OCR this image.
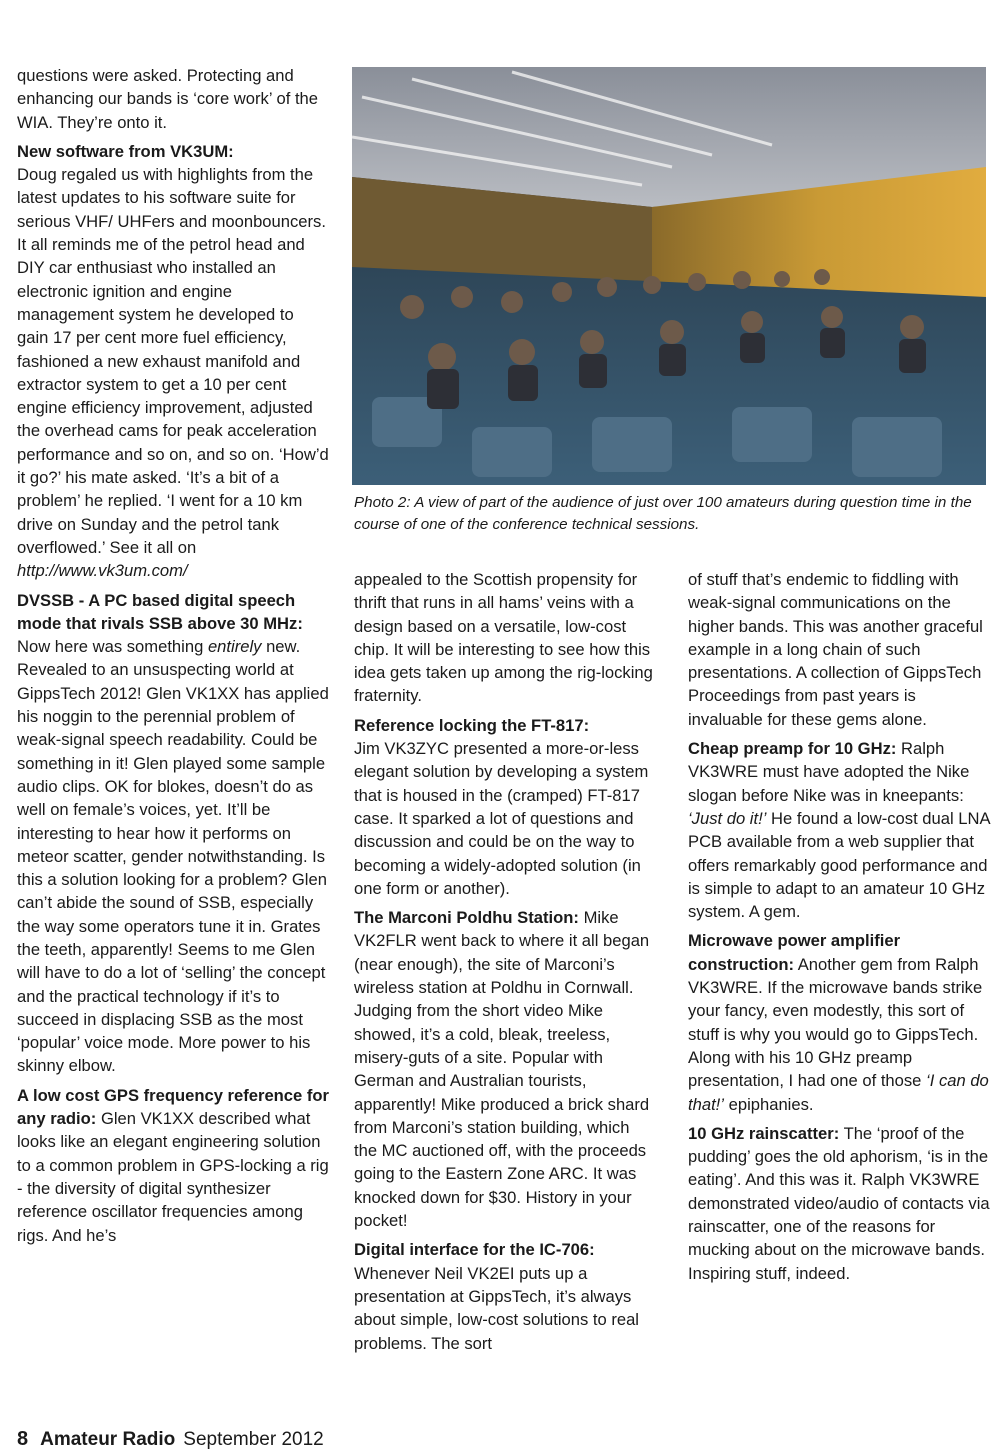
questions were asked. Protecting and enhancing our bands is ‘core work’ of the WIA. They’re onto it.

New software from VK3UM:
Doug regaled us with highlights from the latest updates to his software suite for serious VHF/ UHFers and moonbouncers. It all reminds me of the petrol head and DIY car enthusiast who installed an electronic ignition and engine management system he developed to gain 17 per cent more fuel efficiency, fashioned a new exhaust manifold and extractor system to get a 10 per cent engine efficiency improvement, adjusted the overhead cams for peak acceleration performance and so on, and so on. ‘How’d it go?’ his mate asked. ‘It’s a bit of a problem’ he replied. ‘I went for a 10 km drive on Sunday and the petrol tank overflowed.’ See it all on http://www.vk3um.com/

DVSSB - A PC based digital speech mode that rivals SSB above 30 MHz: Now here was something entirely new. Revealed to an unsuspecting world at GippsTech 2012! Glen VK1XX has applied his noggin to the perennial problem of weak-signal speech readability. Could be something in it! Glen played some sample audio clips. OK for blokes, doesn’t do as well on female’s voices, yet. It’ll be interesting to hear how it performs on meteor scatter, gender notwithstanding. Is this a solution looking for a problem? Glen can’t abide the sound of SSB, especially the way some operators tune it in. Grates the teeth, apparently! Seems to me Glen will have to do a lot of ‘selling’ the concept and the practical technology if it’s to succeed in displacing SSB as the most ‘popular’ voice mode. More power to his skinny elbow.

A low cost GPS frequency reference for any radio: Glen VK1XX described what looks like an elegant engineering solution to a common problem in GPS-locking a rig - the diversity of digital synthesizer reference oscillator frequencies among rigs. And he’s

Photo 2: A view of part of the audience of just over 100 amateurs during question time in the course of one of the conference technical sessions.

appealed to the Scottish propensity for thrift that runs in all hams’ veins with a design based on a versatile, low-cost chip. It will be interesting to see how this idea gets taken up among the rig-locking fraternity.

Reference locking the FT-817:
Jim VK3ZYC presented a more-or-less elegant solution by developing a system that is housed in the (cramped) FT-817 case. It sparked a lot of questions and discussion and could be on the way to becoming a widely-adopted solution (in one form or another).

The Marconi Poldhu Station: Mike VK2FLR went back to where it all began (near enough), the site of Marconi’s wireless station at Poldhu in Cornwall. Judging from the short video Mike showed, it’s a cold, bleak, treeless, misery-guts of a site. Popular with German and Australian tourists, apparently! Mike produced a brick shard from Marconi’s station building, which the MC auctioned off, with the proceeds going to the Eastern Zone ARC. It was knocked down for $30. History in your pocket!

Digital interface for the IC-706:
Whenever Neil VK2EI puts up a presentation at GippsTech, it’s always about simple, low-cost solutions to real problems. The sort

of stuff that’s endemic to fiddling with weak-signal communications on the higher bands. This was another graceful example in a long chain of such presentations. A collection of GippsTech Proceedings from past years is invaluable for these gems alone.

Cheap preamp for 10 GHz: Ralph VK3WRE must have adopted the Nike slogan before Nike was in kneepants: ‘Just do it!’ He found a low-cost dual LNA PCB available from a web supplier that offers remarkably good performance and is simple to adapt to an amateur 10 GHz system. A gem.

Microwave power amplifier construction: Another gem from Ralph VK3WRE. If the microwave bands strike your fancy, even modestly, this sort of stuff is why you would go to GippsTech. Along with his 10 GHz preamp presentation, I had one of those ‘I can do that!’ epiphanies.

10 GHz rainscatter: The ‘proof of the pudding’ goes the old aphorism, ‘is in the eating’. And this was it. Ralph VK3WRE demonstrated video/audio of contacts via rainscatter, one of the reasons for mucking about on the microwave bands. Inspiring stuff, indeed.

8 Amateur Radio September 2012
